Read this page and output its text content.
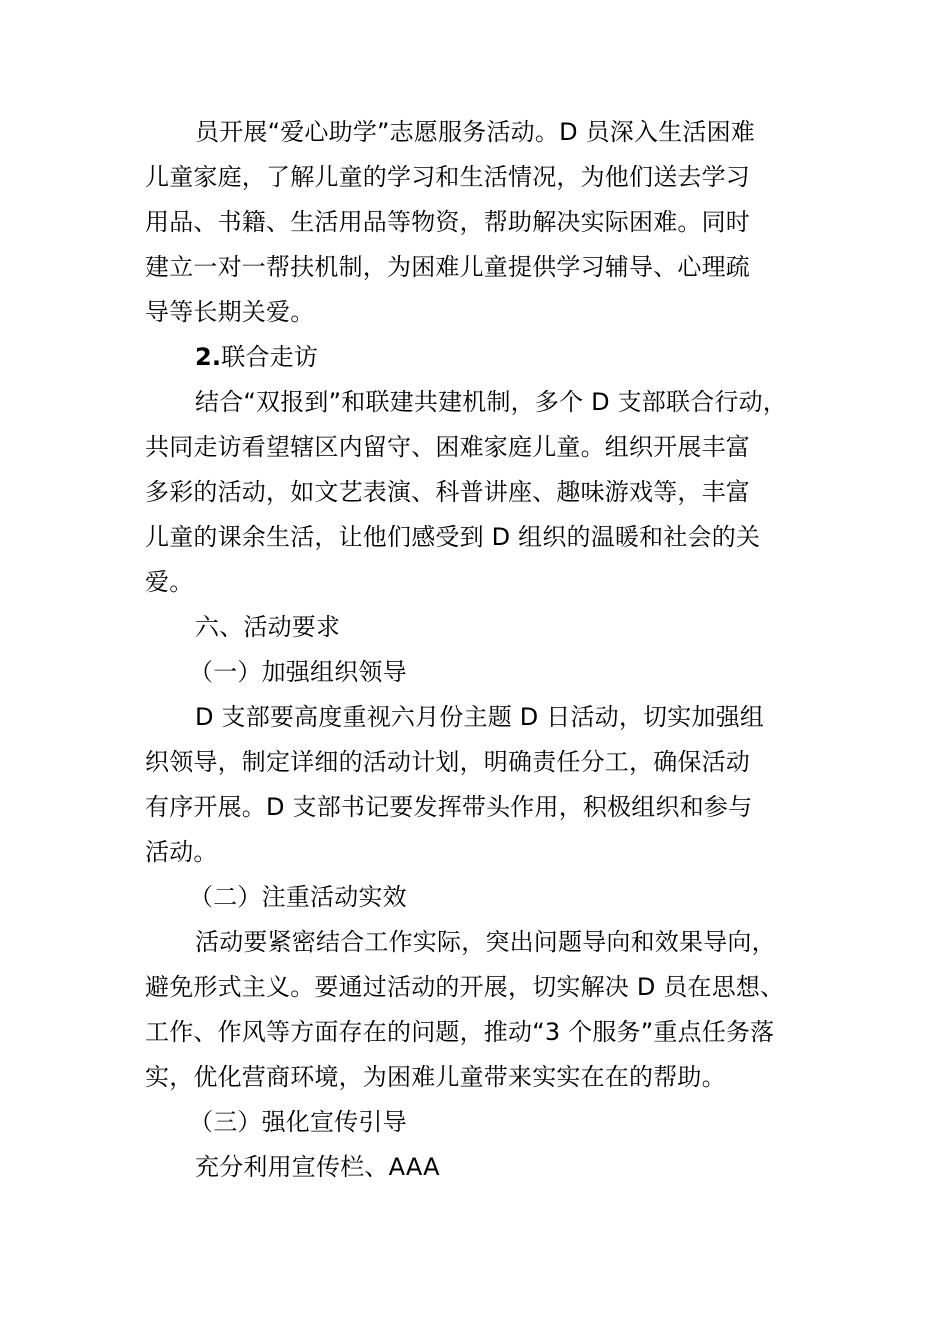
员开展“爱心助学”志愿服务活动。D 员深入生活困难
儿童家庭，了解儿童的学习和生活情况，为他们送去学习
用品、书籍、生活用品等物资，帮助解决实际困难。同时
建立一对一帮扶机制，为困难儿童提供学习辅导、心理疏
导等长期关爱。
2.联合走访
结合“双报到”和联建共建机制，多个 D 支部联合行动，
共同走访看望辖区内留守、困难家庭儿童。组织开展丰富
多彩的活动，如文艺表演、科普讲座、趣味游戏等，丰富
儿童的课余生活，让他们感受到 D 组织的温暖和社会的关
爱。
六、活动要求
（一）加强组织领导
D 支部要高度重视六月份主题 D 日活动，切实加强组
织领导，制定详细的活动计划，明确责任分工，确保活动
有序开展。D 支部书记要发挥带头作用，积极组织和参与
活动。
（二）注重活动实效
活动要紧密结合工作实际，突出问题导向和效果导向，
避免形式主义。要通过活动的开展，切实解决 D 员在思想、
工作、作风等方面存在的问题，推动“3 个服务”重点任务落
实，优化营商环境，为困难儿童带来实实在在的帮助。
（三）强化宣传引导
充分利用宣传栏、AAA
